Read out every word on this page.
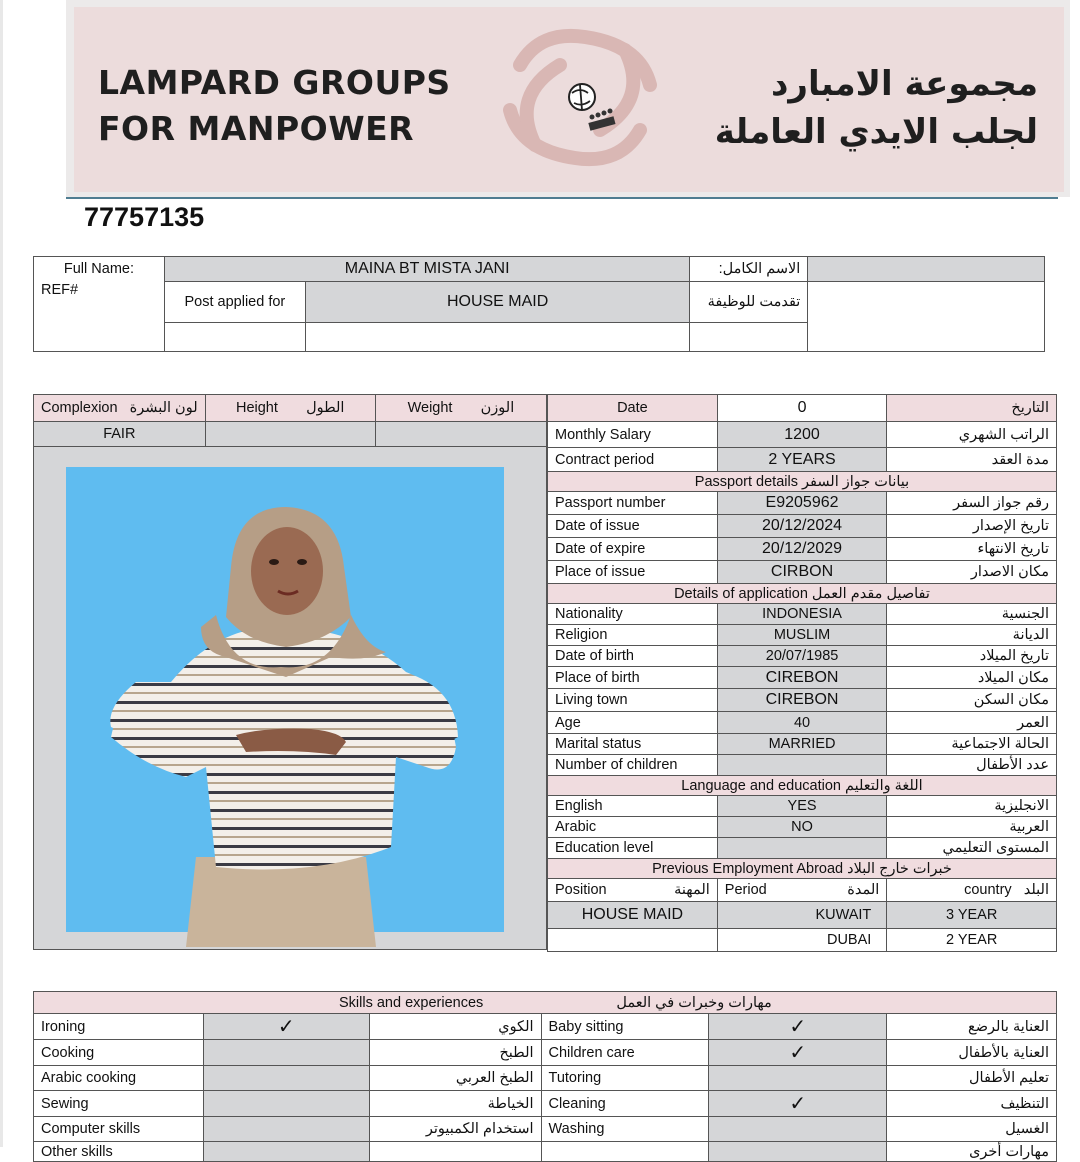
LAMPARD GROUPS
FOR MANPOWER
مجموعة الامبارد
لجلب الايدي العاملة
77757135
Full Name:	MAINA BT MISTA JANI		الاسم الكامل:	
REF#	Post applied for	HOUSE MAID	تقدمت للوظيفة	

Complexion لون البشرة	Height الطول	Weight الوزن
FAIR		

Date	0	التاريخ
Monthly Salary	1200	الراتب الشهري
Contract period	2 YEARS	مدة العقد
Passport details بيانات جواز السفر		
Passport number	E9205962	رقم جواز السفر
Date of issue	20/12/2024	تاريخ الإصدار
Date of expire	20/12/2029	تاريخ الانتهاء
Place of issue	CIRBON	مكان الاصدار
Details of application تفاصيل مقدم العمل		
Nationality	INDONESIA	الجنسية
Religion	MUSLIM	الديانة
Date of birth	20/07/1985	تاريخ الميلاد
Place of birth	CIREBON	مكان الميلاد
Living town	CIREBON	مكان السكن
Age	40	العمر
Marital status	MARRIED	الحالة الاجتماعية
Number of children		عدد الأطفال
Language and education اللغة والتعليم		
English	YES	الانجليزية
Arabic	NO	العربية
Education level		المستوى التعليمي
Previous Employment Abroad خبرات خارج البلاد		
Position المهنة	Period المدة	country البلد
HOUSE MAID	KUWAIT	3 YEAR
	DUBAI	2 YEAR
Skills and experiences مهارات وخبرات في العمل					
Ironing	✓	الكوي	Baby sitting	✓	العناية بالرضع
Cooking		الطبخ	Children care	✓	العناية بالأطفال
Arabic cooking		الطبخ العربي	Tutoring		تعليم الأطفال
Sewing		الخياطة	Cleaning	✓	التنظيف
Computer skills		استخدام الكمبيوتر	Washing		الغسيل
Other skills					مهارات أخرى
